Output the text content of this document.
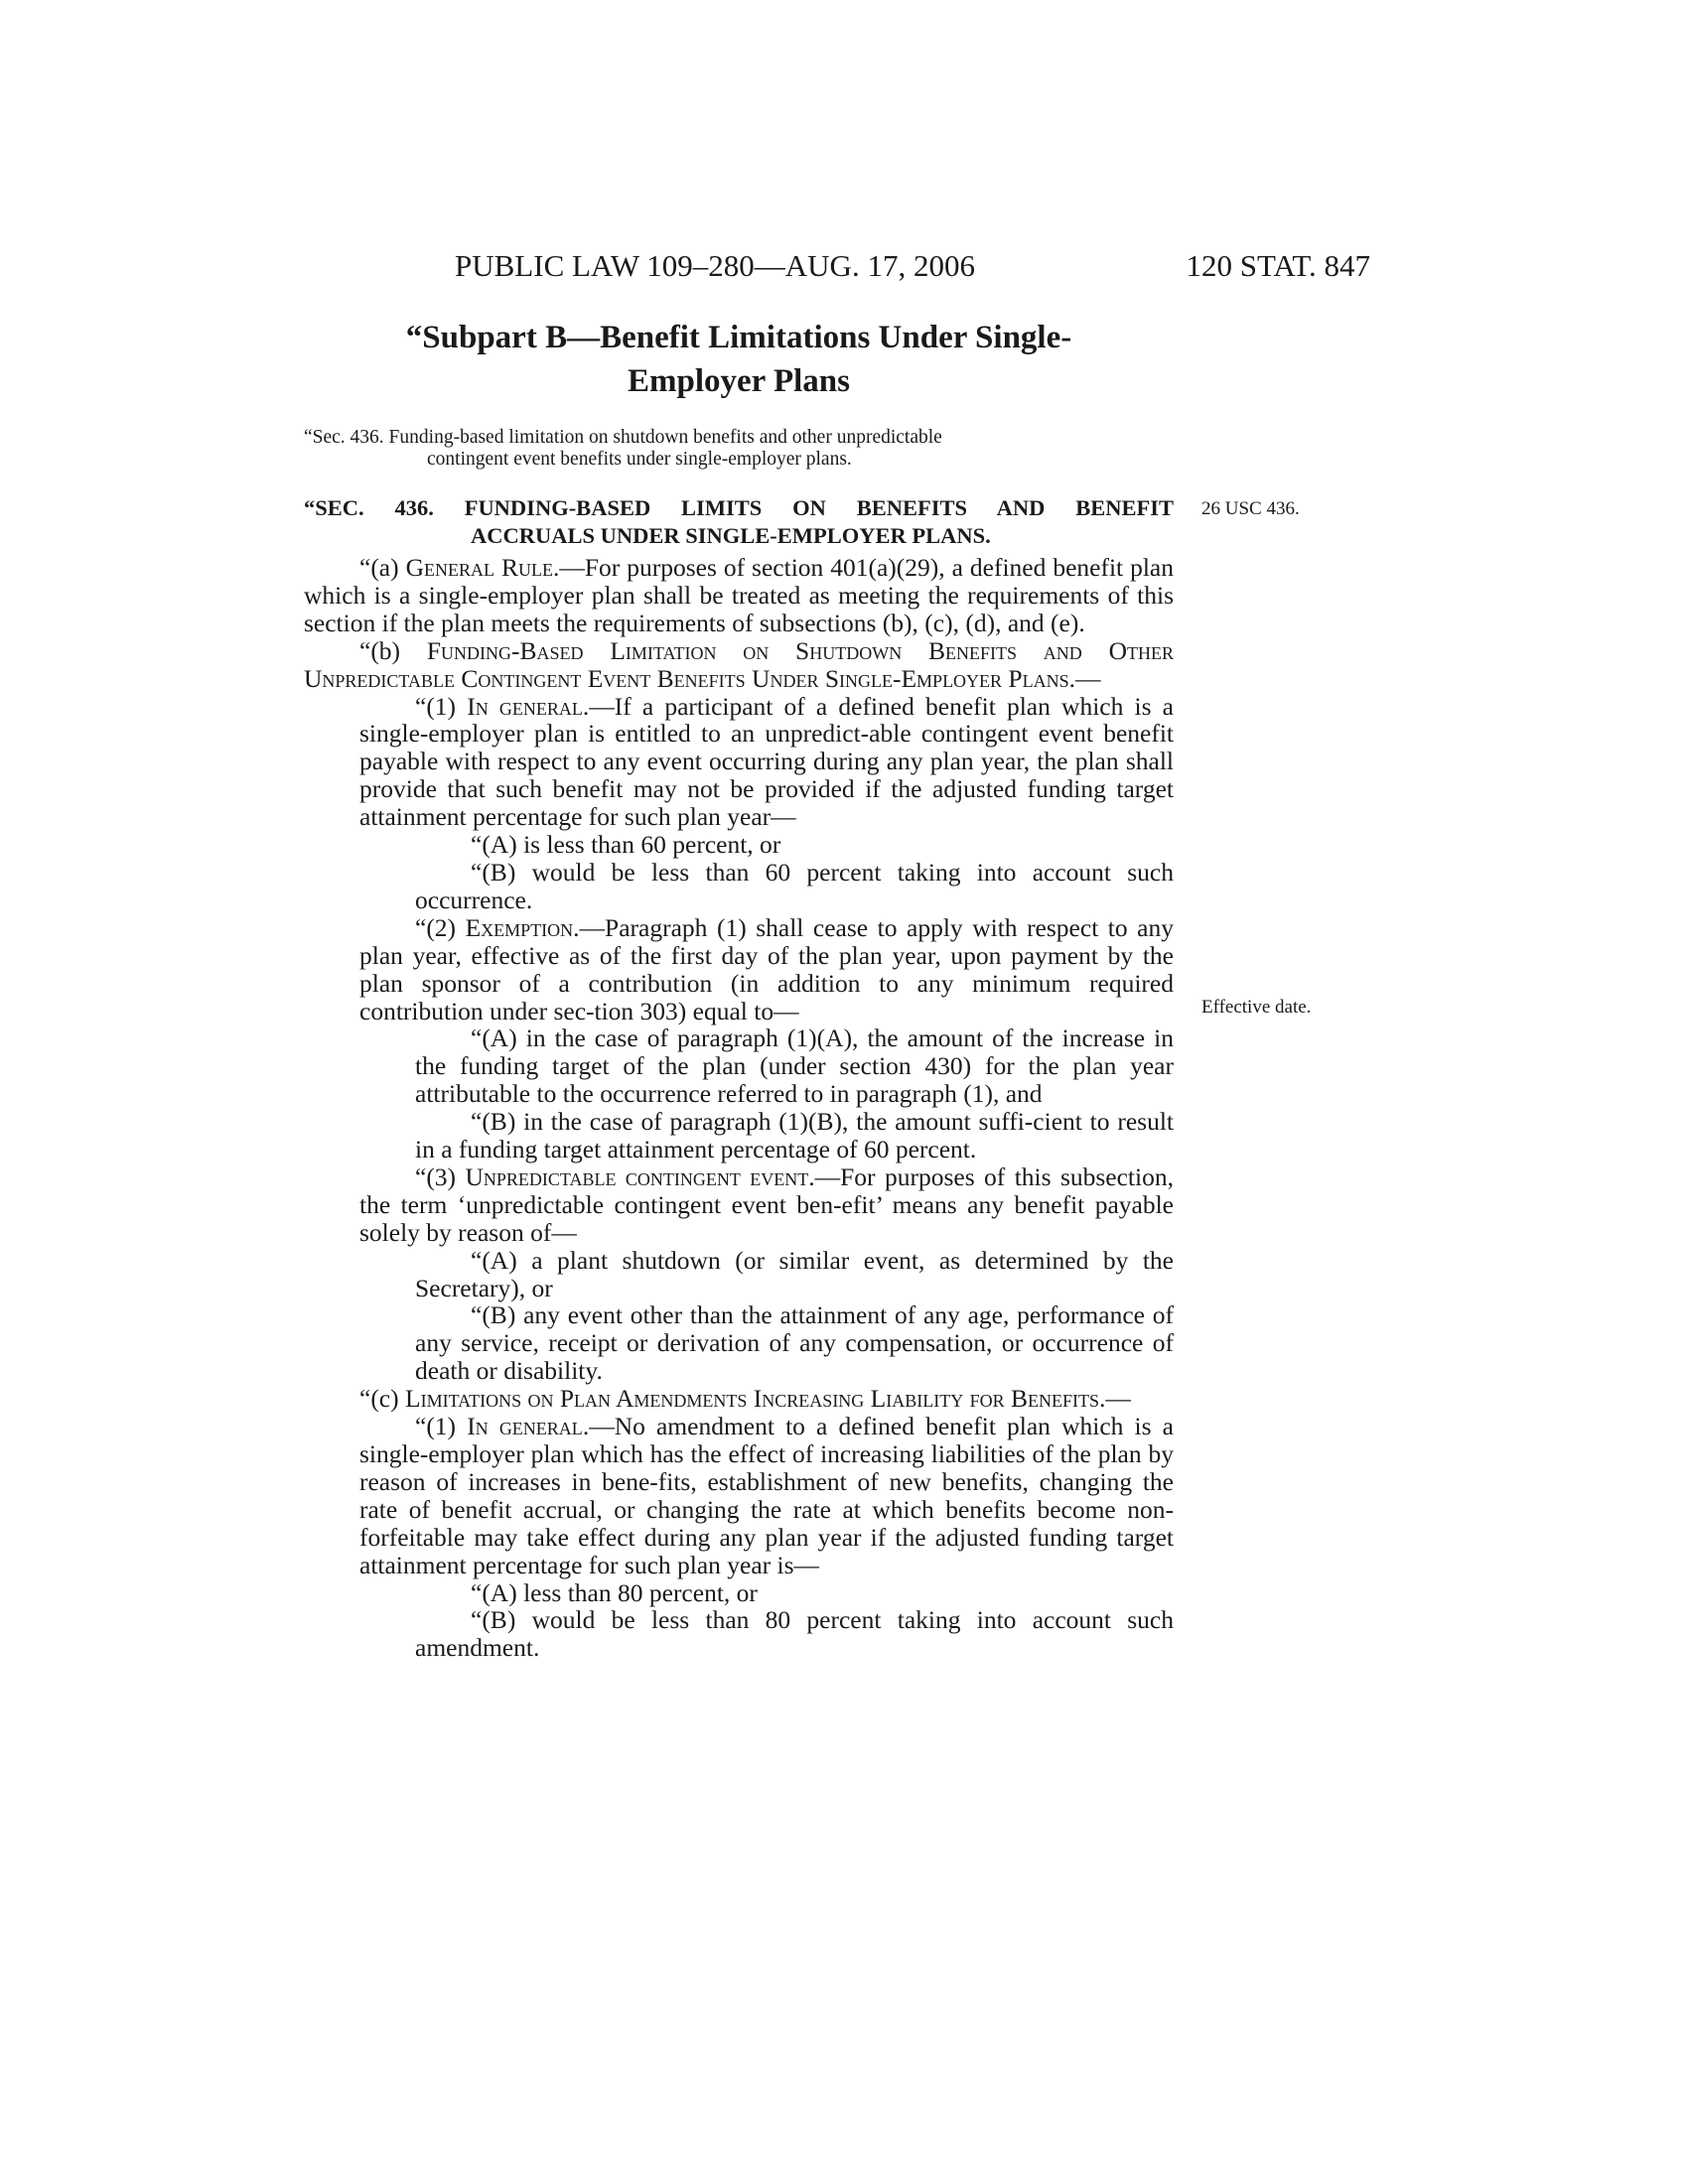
PUBLIC LAW 109–280—AUG. 17, 2006	120 STAT. 847
“Subpart B—Benefit Limitations Under Single-
Employer Plans
“Sec. 436. Funding-based limitation on shutdown benefits and other unpredictable
contingent event benefits under single-employer plans.
“SEC. 436. FUNDING-BASED LIMITS ON BENEFITS AND BENEFIT
ACCRUALS UNDER SINGLE-EMPLOYER PLANS.
26 USC 436.
Effective date.

“(a) General Rule.—For purposes of section 401(a)(29), a defined benefit plan which is a single-employer plan shall be treated as meeting the requirements of this section if the plan meets the requirements of subsections (b), (c), (d), and (e).

“(b) Funding-Based Limitation on Shutdown Benefits and Other Unpredictable Contingent Event Benefits Under Single-Employer Plans.—

“(1) In general.—If a participant of a defined benefit plan which is a single-employer plan is entitled to an unpredict-able contingent event benefit payable with respect to any event occurring during any plan year, the plan shall provide that such benefit may not be provided if the adjusted funding target attainment percentage for such plan year—

“(A) is less than 60 percent, or

“(B) would be less than 60 percent taking into account such occurrence.

“(2) Exemption.—Paragraph (1) shall cease to apply with respect to any plan year, effective as of the first day of the plan year, upon payment by the plan sponsor of a contribution (in addition to any minimum required contribution under sec-tion 303) equal to—

“(A) in the case of paragraph (1)(A), the amount of the increase in the funding target of the plan (under section 430) for the plan year attributable to the occurrence referred to in paragraph (1), and

“(B) in the case of paragraph (1)(B), the amount suffi-cient to result in a funding target attainment percentage of 60 percent.

“(3) Unpredictable contingent event.—For purposes of this subsection, the term ‘unpredictable contingent event ben-efit’ means any benefit payable solely by reason of—

“(A) a plant shutdown (or similar event, as determined by the Secretary), or

“(B) any event other than the attainment of any age, performance of any service, receipt or derivation of any compensation, or occurrence of death or disability.

“(c) Limitations on Plan Amendments Increasing Liability for Benefits.—

“(1) In general.—No amendment to a defined benefit plan which is a single-employer plan which has the effect of increasing liabilities of the plan by reason of increases in bene-fits, establishment of new benefits, changing the rate of benefit accrual, or changing the rate at which benefits become non-forfeitable may take effect during any plan year if the adjusted funding target attainment percentage for such plan year is—

“(A) less than 80 percent, or

“(B) would be less than 80 percent taking into account such amendment.
